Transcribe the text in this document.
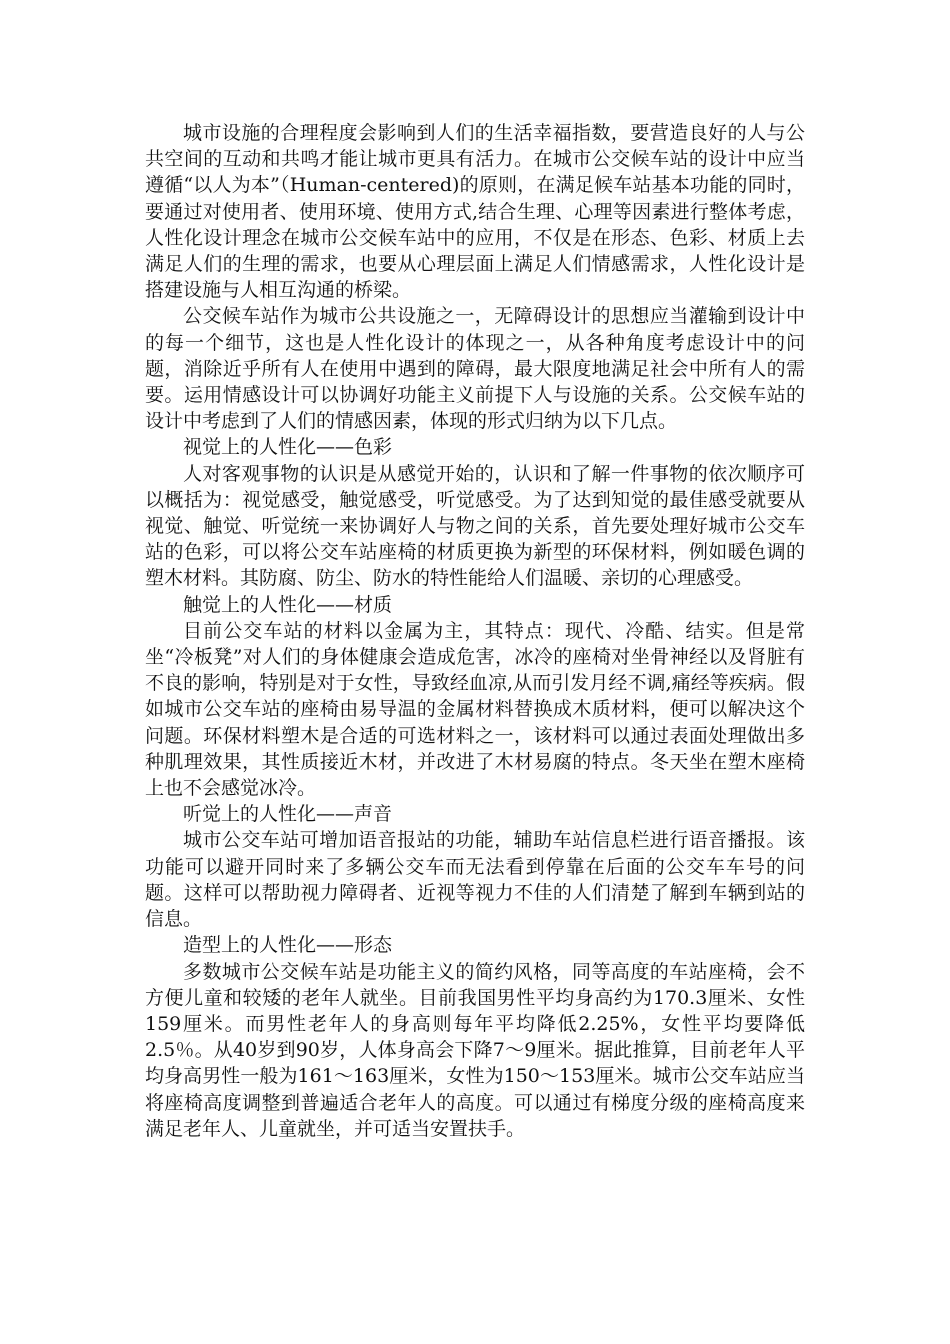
城市设施的合理程度会影响到人们的生活幸福指数，要营造良好的人与公共空间的互动和共鸣才能让城市更具有活力。在城市公交候车站的设计中应当遵循“以人为本”（Human-centered)的原则，在满足候车站基本功能的同时，要通过对使用者、使用环境、使用方式,结合生理、心理等因素进行整体考虑，人性化设计理念在城市公交候车站中的应用，不仅是在形态、色彩、材质上去满足人们的生理的需求，也要从心理层面上满足人们情感需求，人性化设计是搭建设施与人相互沟通的桥梁。

公交候车站作为城市公共设施之一，无障碍设计的思想应当灌输到设计中的每一个细节，这也是人性化设计的体现之一，从各种角度考虑设计中的问题，消除近乎所有人在使用中遇到的障碍，最大限度地满足社会中所有人的需要。运用情感设计可以协调好功能主义前提下人与设施的关系。公交候车站的设计中考虑到了人们的情感因素，体现的形式归纳为以下几点。

视觉上的人性化——色彩

人对客观事物的认识是从感觉开始的，认识和了解一件事物的依次顺序可以概括为：视觉感受，触觉感受，听觉感受。为了达到知觉的最佳感受就要从视觉、触觉、听觉统一来协调好人与物之间的关系，首先要处理好城市公交车站的色彩，可以将公交车站座椅的材质更换为新型的环保材料，例如暖色调的塑木材料。其防腐、防尘、防水的特性能给人们温暖、亲切的心理感受。

触觉上的人性化——材质

目前公交车站的材料以金属为主，其特点：现代、冷酷、结实。但是常坐“冷板凳”对人们的身体健康会造成危害，冰冷的座椅对坐骨神经以及肾脏有不良的影响，特别是对于女性，导致经血凉,从而引发月经不调,痛经等疾病。假如城市公交车站的座椅由易导温的金属材料替换成木质材料，便可以解决这个问题。环保材料塑木是合适的可选材料之一，该材料可以通过表面处理做出多种肌理效果，其性质接近木材，并改进了木材易腐的特点。冬天坐在塑木座椅上也不会感觉冰冷。

听觉上的人性化——声音

城市公交车站可增加语音报站的功能，辅助车站信息栏进行语音播报。该功能可以避开同时来了多辆公交车而无法看到停靠在后面的公交车车号的问题。这样可以帮助视力障碍者、近视等视力不佳的人们清楚了解到车辆到站的信息。

造型上的人性化——形态

多数城市公交候车站是功能主义的简约风格，同等高度的车站座椅，会不方便儿童和较矮的老年人就坐。目前我国男性平均身高约为170.3厘米、女性159厘米。而男性老年人的身高则每年平均降低2.25%，女性平均要降低2.5％。从40岁到90岁，人体身高会下降7～9厘米。据此推算，目前老年人平均身高男性一般为161～163厘米，女性为150～153厘米。城市公交车站应当将座椅高度调整到普遍适合老年人的高度。可以通过有梯度分级的座椅高度来满足老年人、儿童就坐，并可适当安置扶手。
